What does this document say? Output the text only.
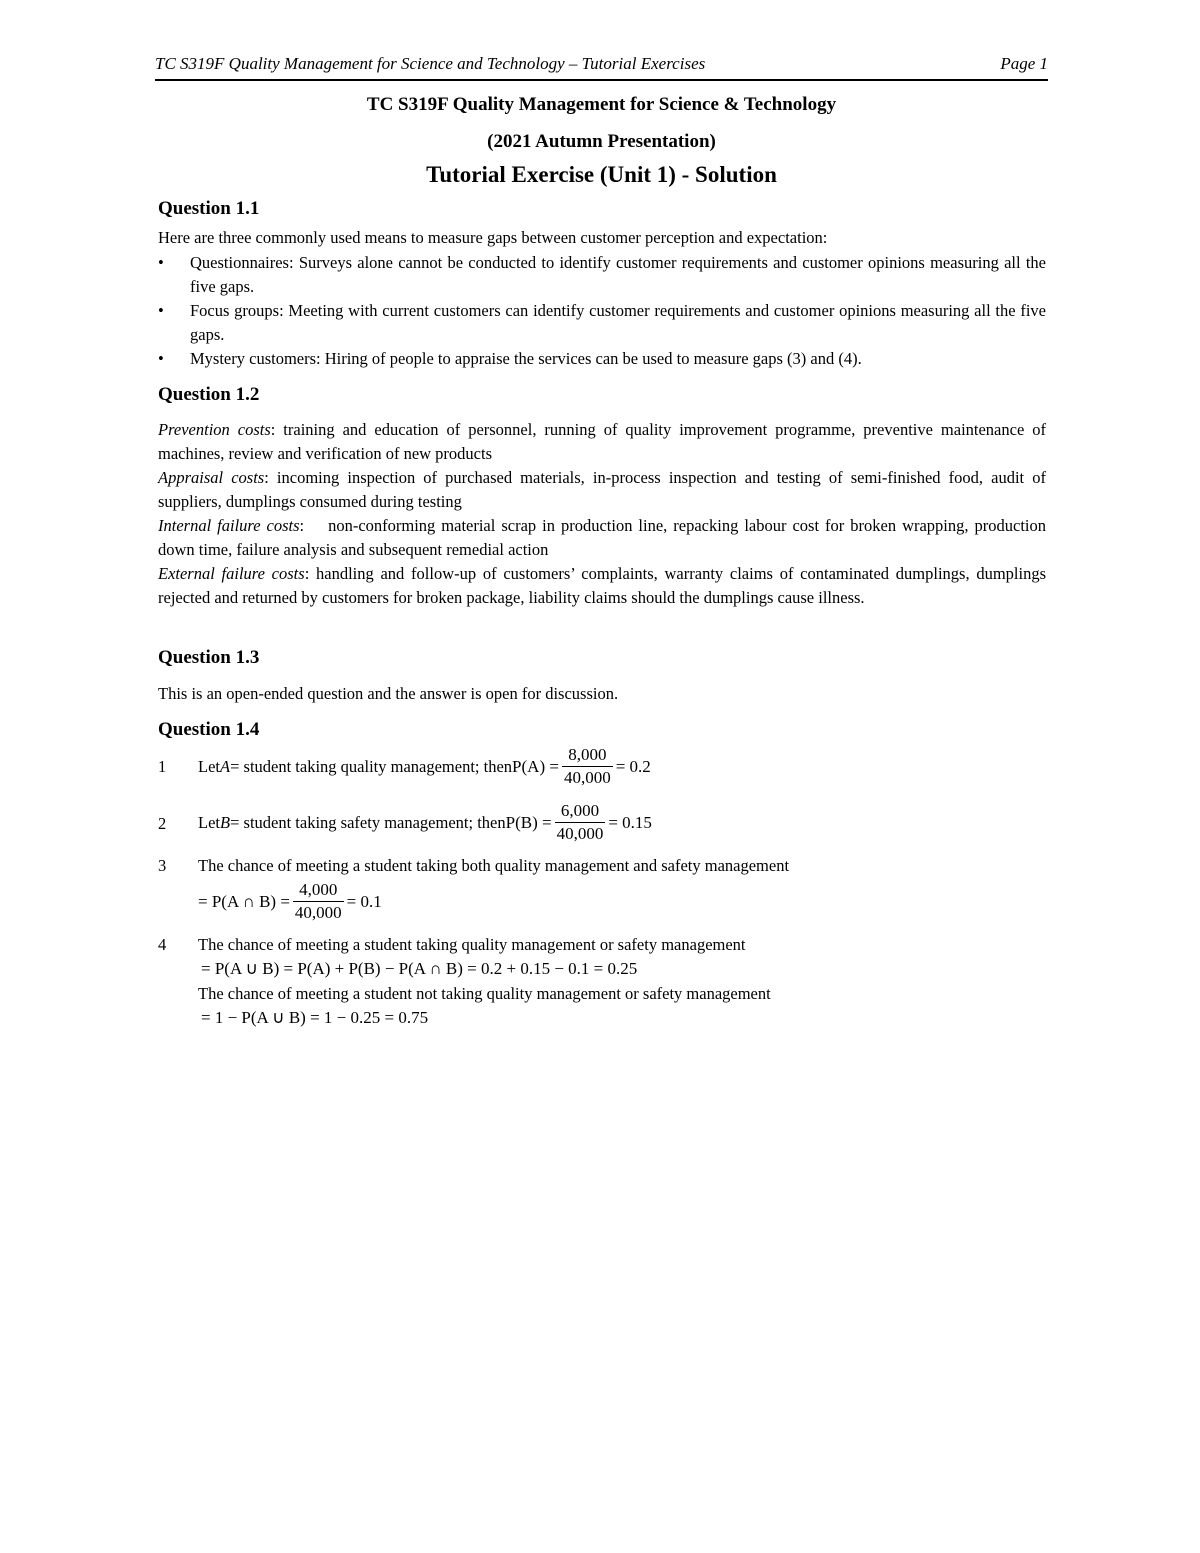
TC S319F Quality Management for Science and Technology – Tutorial Exercises	Page 1
TC S319F Quality Management for Science & Technology
(2021 Autumn Presentation)
Tutorial Exercise (Unit 1) - Solution
Question 1.1
Here are three commonly used means to measure gaps between customer perception and expectation:
• Questionnaires: Surveys alone cannot be conducted to identify customer requirements and customer opinions measuring all the five gaps.
• Focus groups: Meeting with current customers can identify customer requirements and customer opinions measuring all the five gaps.
• Mystery customers: Hiring of people to appraise the services can be used to measure gaps (3) and (4).
Question 1.2
Prevention costs: training and education of personnel, running of quality improvement programme, preventive maintenance of machines, review and verification of new products
Appraisal costs: incoming inspection of purchased materials, in-process inspection and testing of semi-finished food, audit of suppliers, dumplings consumed during testing
Internal failure costs:    non-conforming material scrap in production line, repacking labour cost for broken wrapping, production down time, failure analysis and subsequent remedial action
External failure costs: handling and follow-up of customers’ complaints, warranty claims of contaminated dumplings, dumplings rejected and returned by customers for broken package, liability claims should the dumplings cause illness.
Question 1.3
This is an open-ended question and the answer is open for discussion.
Question 1.4
1 Let A = student taking quality management; then $P(A) = \frac{8,000}{40,000} = 0.2$
2 Let B = student taking safety management; then $P(B) = \frac{6,000}{40,000} = 0.15$
3 The chance of meeting a student taking both quality management and safety management
= P(A ∩ $B) = \frac{4,000}{40,000} = 0.1$
4 The chance of meeting a student taking quality management or safety management
= P(A ∪ B) = P(A) + P(B) − P(A ∩ B) = 0.2 + 0.15 − 0.1 = 0.25
The chance of meeting a student not taking quality management or safety management
= 1 − P(A ∪ B) = 1 − 0.25 = 0.75
